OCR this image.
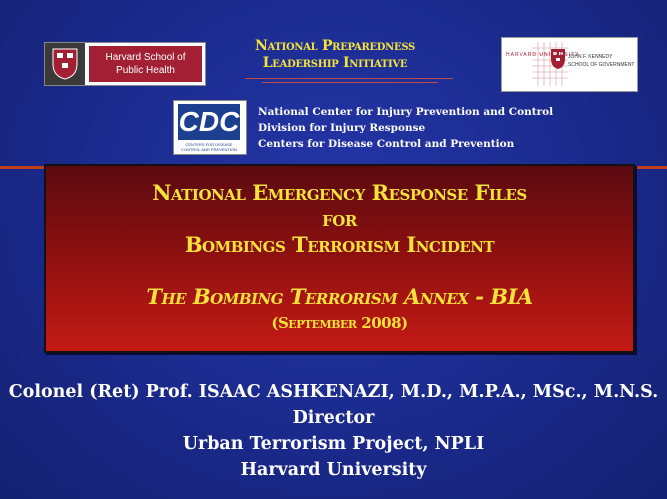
Harvard School of
Public Health
National Preparedness
Leadership Initiative	HARVARD UNIVERSITY
JOHN F. KENNEDY
SCHOOL OF GOVERNMENT
CDC
CENTERS FOR DISEASE CONTROL AND PREVENTION
National Center for Injury Prevention and Control
Division for Injury Response
Centers for Disease Control and Prevention
National Emergency Response Files
for
Bombings Terrorism Incident
The Bombing Terrorism Annex - BIA
(September 2008)
Colonel (Ret) Prof. ISAAC ASHKENAZI, M.D., M.P.A., MSc., M.N.S.
Director
Urban Terrorism Project, NPLI
Harvard University
